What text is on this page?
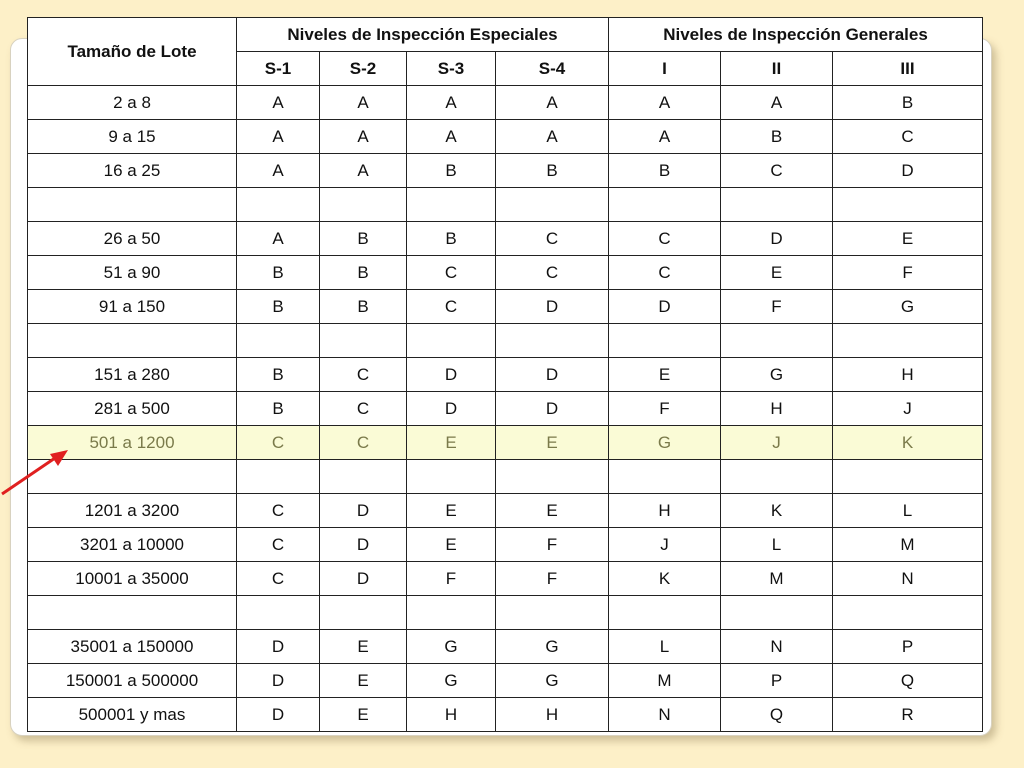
Tamaño de Lote	Niveles de Inspección Especiales				Niveles de Inspección Generales		
	S-1	S-2	S-3	S-4	I	II	III
2 a 8	A	A	A	A	A	A	B
9 a 15	A	A	A	A	A	B	C
16 a 25	A	A	B	B	B	C	D

26 a 50	A	B	B	C	C	D	E
51 a 90	B	B	C	C	C	E	F
91 a 150	B	B	C	D	D	F	G

151 a 280	B	C	D	D	E	G	H
281 a 500	B	C	D	D	F	H	J
501 a 1200	C	C	E	E	G	J	K

1201 a 3200	C	D	E	E	H	K	L
3201 a 10000	C	D	E	F	J	L	M
10001 a 35000	C	D	F	F	K	M	N

35001 a 150000	D	E	G	G	L	N	P
150001 a 500000	D	E	G	G	M	P	Q
500001 y mas	D	E	H	H	N	Q	R
